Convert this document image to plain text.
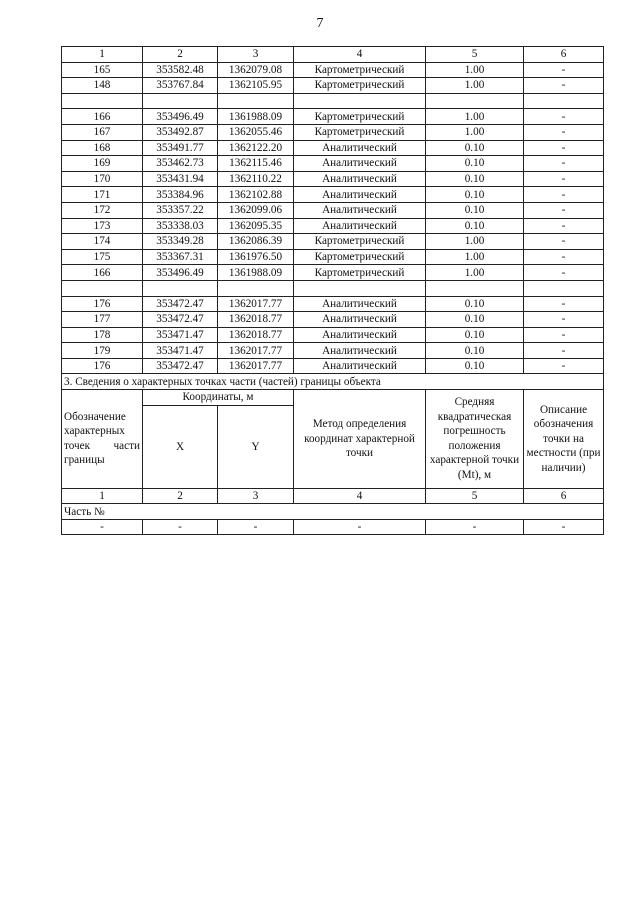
7
1	2	3	4	5	6
165	353582.48	1362079.08	Картометрический	1.00	-
148	353767.84	1362105.95	Картометрический	1.00	-

166	353496.49	1361988.09	Картометрический	1.00	-
167	353492.87	1362055.46	Картометрический	1.00	-
168	353491.77	1362122.20	Аналитический	0.10	-
169	353462.73	1362115.46	Аналитический	0.10	-
170	353431.94	1362110.22	Аналитический	0.10	-
171	353384.96	1362102.88	Аналитический	0.10	-
172	353357.22	1362099.06	Аналитический	0.10	-
173	353338.03	1362095.35	Аналитический	0.10	-
174	353349.28	1362086.39	Картометрический	1.00	-
175	353367.31	1361976.50	Картометрический	1.00	-
166	353496.49	1361988.09	Картометрический	1.00	-

176	353472.47	1362017.77	Аналитический	0.10	-
177	353472.47	1362018.77	Аналитический	0.10	-
178	353471.47	1362018.77	Аналитический	0.10	-
179	353471.47	1362017.77	Аналитический	0.10	-
176	353472.47	1362017.77	Аналитический	0.10	-
3. Сведения о характерных точках части (частей) границы объекта					

Обозначение характерных точек части границы	Координаты, м		Метод определения координат характерной точки	Средняя квадратическая погрешность положения характерной точки (Mt), м	Описание обозначения точки на местности (при наличии)
	X	Y			
1	2	3	4	5	6
Часть №					
-	-	-	-	-	-
